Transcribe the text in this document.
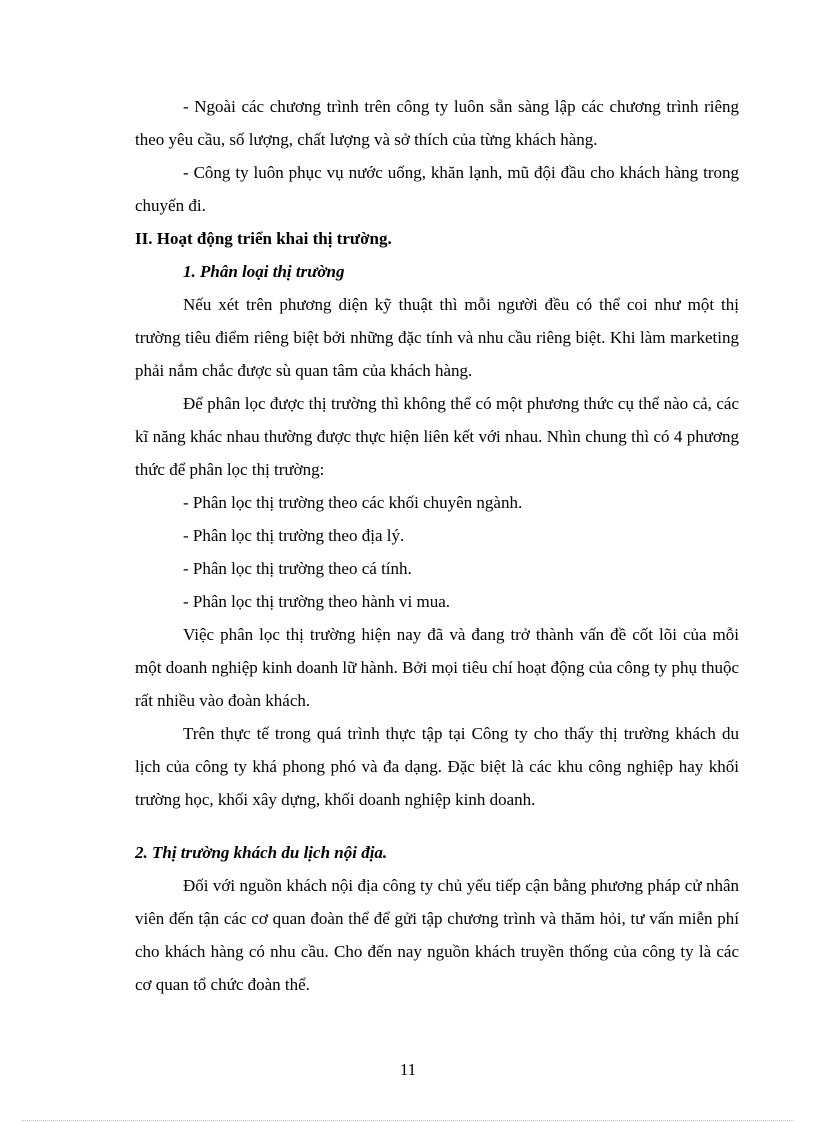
- Ngoài các chương trình trên công ty luôn sẵn sàng lập các chương trình riêng theo yêu cầu, số lượng, chất lượng và sở thích của từng khách hàng.

- Công ty luôn phục vụ nước uống, khăn lạnh, mũ đội đầu cho khách hàng trong chuyến đi.

II. Hoạt động triển khai thị trường.

1. Phân loại thị trường

Nếu xét trên phương diện kỹ thuật thì mỗi người đều có thể coi như một thị trường tiêu điểm riêng biệt bởi những đặc tính và nhu cầu riêng biệt. Khi làm marketing phải nắm chắc được sù quan tâm của khách hàng.

Để phân lọc được thị trường thì không thể có một phương thức cụ thể nào cả, các kĩ năng khác nhau thường được thực hiện liên kết với nhau. Nhìn chung thì có 4 phương thức để phân lọc thị trường:

- Phân lọc thị trường theo các khối chuyên ngành.

- Phân lọc thị trường theo địa lý.

- Phân lọc thị trường theo cá tính.

- Phân lọc thị trường theo hành vi mua.

Việc phân lọc thị trường hiện nay đã và đang trở thành vấn đề cốt lõi của mỗi một doanh nghiệp kinh doanh lữ hành. Bởi mọi tiêu chí hoạt động của công ty phụ thuộc rất nhiều vào đoàn khách.

Trên thực tế trong quá trình thực tập tại Công ty cho thấy thị trường khách du lịch của công ty khá phong phó và đa dạng. Đặc biệt là các khu công nghiệp hay khối trường học, khối xây dựng, khối doanh nghiệp kinh doanh.

2. Thị trường khách du lịch nội địa.

Đối với nguồn khách nội địa công ty chủ yếu tiếp cận bằng phương pháp cử nhân viên đến tận các cơ quan đoàn thể để gửi tập chương trình và thăm hỏi, tư vấn miễn phí cho khách hàng có nhu cầu. Cho đến nay nguồn khách truyền thống của công ty là các cơ quan tổ chức đoàn thể.

11
